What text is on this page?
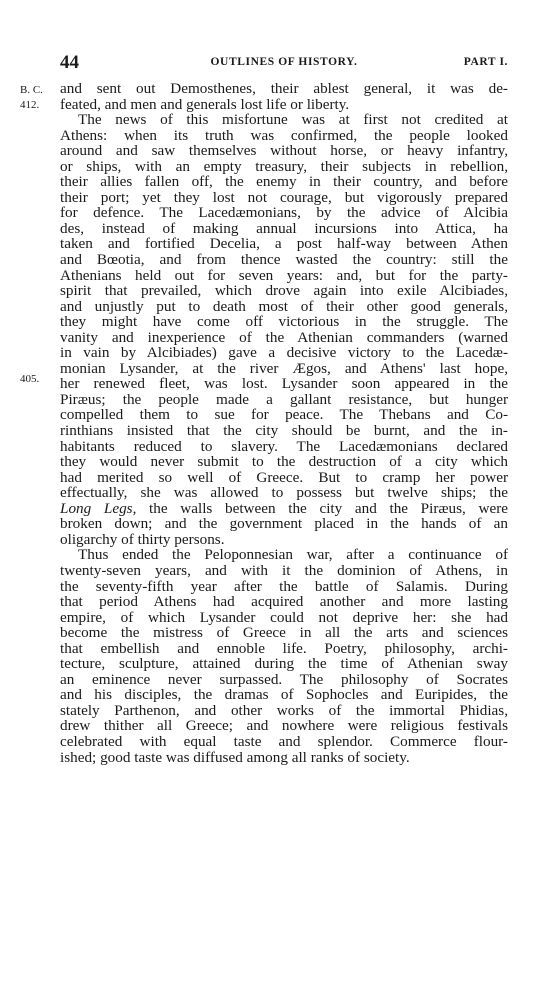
44	OUTLINES OF HISTORY.	PART I.
B. C.
412.
405.
and sent out Demosthenes, their ablest general, it was de-
feated, and men and generals lost life or liberty.
The news of this misfortune was at first not credited at
Athens: when its truth was confirmed, the people looked
around and saw themselves without horse, or heavy infantry,
or ships, with an empty treasury, their subjects in rebellion,
their allies fallen off, the enemy in their country, and before
their port; yet they lost not courage, but vigorously prepared
for defence. The Lacedæmonians, by the advice of Alcibia
des, instead of making annual incursions into Attica, ha
taken and fortified Decelia, a post half-way between Athen
and Bœotia, and from thence wasted the country: still the
Athenians held out for seven years: and, but for the party-
spirit that prevailed, which drove again into exile Alcibiades,
and unjustly put to death most of their other good generals,
they might have come off victorious in the struggle. The
vanity and inexperience of the Athenian commanders (warned
in vain by Alcibiades) gave a decisive victory to the Lacedæ-
monian Lysander, at the river Ægos, and Athens' last hope,
her renewed fleet, was lost. Lysander soon appeared in the
Piræus; the people made a gallant resistance, but hunger
compelled them to sue for peace. The Thebans and Co-
rinthians insisted that the city should be burnt, and the in-
habitants reduced to slavery. The Lacedæmonians declared
they would never submit to the destruction of a city which
had merited so well of Greece. But to cramp her power
effectually, she was allowed to possess but twelve ships; the
Long Legs, the walls between the city and the Piræus, were
broken down; and the government placed in the hands of an
oligarchy of thirty persons.
Thus ended the Peloponnesian war, after a continuance of
twenty-seven years, and with it the dominion of Athens, in
the seventy-fifth year after the battle of Salamis. During
that period Athens had acquired another and more lasting
empire, of which Lysander could not deprive her: she had
become the mistress of Greece in all the arts and sciences
that embellish and ennoble life. Poetry, philosophy, archi-
tecture, sculpture, attained during the time of Athenian sway
an eminence never surpassed. The philosophy of Socrates
and his disciples, the dramas of Sophocles and Euripides, the
stately Parthenon, and other works of the immortal Phidias,
drew thither all Greece; and nowhere were religious festivals
celebrated with equal taste and splendor. Commerce flour-
ished; good taste was diffused among all ranks of society.
